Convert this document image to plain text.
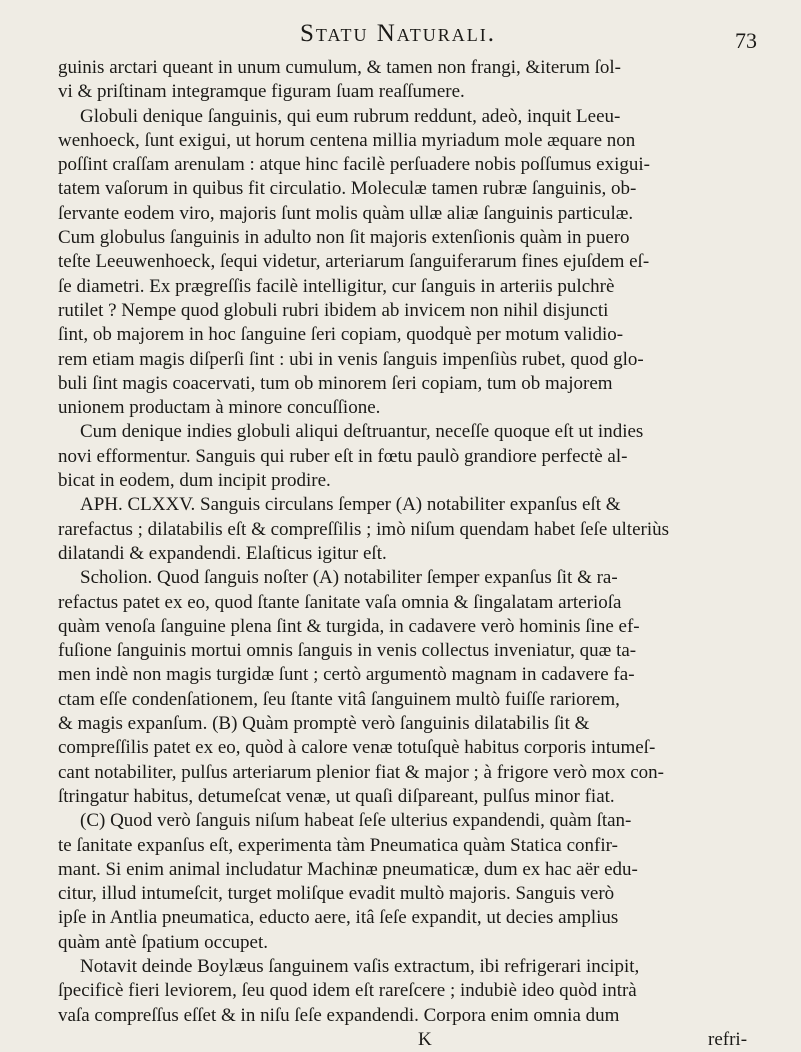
Statu Naturali.	73
guinis arctari queant in unum cumulum, & tamen non frangi, &iterum ſol-
vi & priſtinam integramque figuram ſuam reaſſumere.
Globuli denique ſanguinis, qui eum rubrum reddunt, adeò, inquit Leeu-
wenhoeck, ſunt exigui, ut horum centena millia myriadum mole æquare non
poſſint craſſam arenulam : atque hinc facilè perſuadere nobis poſſumus exigui-
tatem vaſorum in quibus fit circulatio. Moleculæ tamen rubræ ſanguinis, ob-
ſervante eodem viro, majoris ſunt molis quàm ullæ aliæ ſanguinis particulæ.
Cum globulus ſanguinis in adulto non ſit majoris extenſionis quàm in puero
teſte Leeuwenhoeck, ſequi videtur, arteriarum ſanguiferarum fines ejuſdem eſ-
ſe diametri. Ex prægreſſis facilè intelligitur, cur ſanguis in arteriis pulchrè
rutilet ? Nempe quod globuli rubri ibidem ab invicem non nihil disjuncti
ſint, ob majorem in hoc ſanguine ſeri copiam, quodquè per motum validio-
rem etiam magis diſperſi ſint : ubi in venis ſanguis impenſiùs rubet, quod glo-
buli ſint magis coacervati, tum ob minorem ſeri copiam, tum ob majorem
unionem productam à minore concuſſione.
Cum denique indies globuli aliqui deſtruantur, neceſſe quoque eſt ut indies
novi efformentur. Sanguis qui ruber eſt in fœtu paulò grandiore perfectè al-
bicat in eodem, dum incipit prodire.
APH. CLXXV. Sanguis circulans ſemper (A) notabiliter expanſus eſt &
rarefactus ; dilatabilis eſt & compreſſilis ; imò niſum quendam habet ſeſe ulteriùs
dilatandi & expandendi. Elaſticus igitur eſt.
Scholion. Quod ſanguis noſter (A) notabiliter ſemper expanſus ſit & ra-
refactus patet ex eo, quod ſtante ſanitate vaſa omnia & ſingalatam arterioſa
quàm venoſa ſanguine plena ſint & turgida, in cadavere verò hominis ſine ef-
fuſione ſanguinis mortui omnis ſanguis in venis collectus inveniatur, quæ ta-
men indè non magis turgidæ ſunt ; certò argumentò magnam in cadavere fa-
ctam eſſe condenſationem, ſeu ſtante vitâ ſanguinem multò fuiſſe rariorem,
& magis expanſum. (B) Quàm promptè verò ſanguinis dilatabilis ſit &
compreſſilis patet ex eo, quòd à calore venæ totuſquè habitus corporis intumeſ-
cant notabiliter, pulſus arteriarum plenior fiat & major ; à frigore verò mox con-
ſtringatur habitus, detumeſcat venæ, ut quaſi diſpareant, pulſus minor fiat.
(C) Quod verò ſanguis niſum habeat ſeſe ulterius expandendi, quàm ſtan-
te ſanitate expanſus eſt, experimenta tàm Pneumatica quàm Statica confir-
mant. Si enim animal includatur Machinæ pneumaticæ, dum ex hac aër edu-
citur, illud intumeſcit, turget moliſque evadit multò majoris. Sanguis verò
ipſe in Antlia pneumatica, educto aere, itâ ſeſe expandit, ut decies amplius
quàm antè ſpatium occupet.
Notavit deinde Boylæus ſanguinem vaſis extractum, ibi refrigerari incipit,
ſpecificè fieri leviorem, ſeu quod idem eſt rareſcere ; indubiè ideo quòd intrà
vaſa compreſſus eſſet & in niſu ſeſe expandendi. Corpora enim omnia dum
K	refri-
